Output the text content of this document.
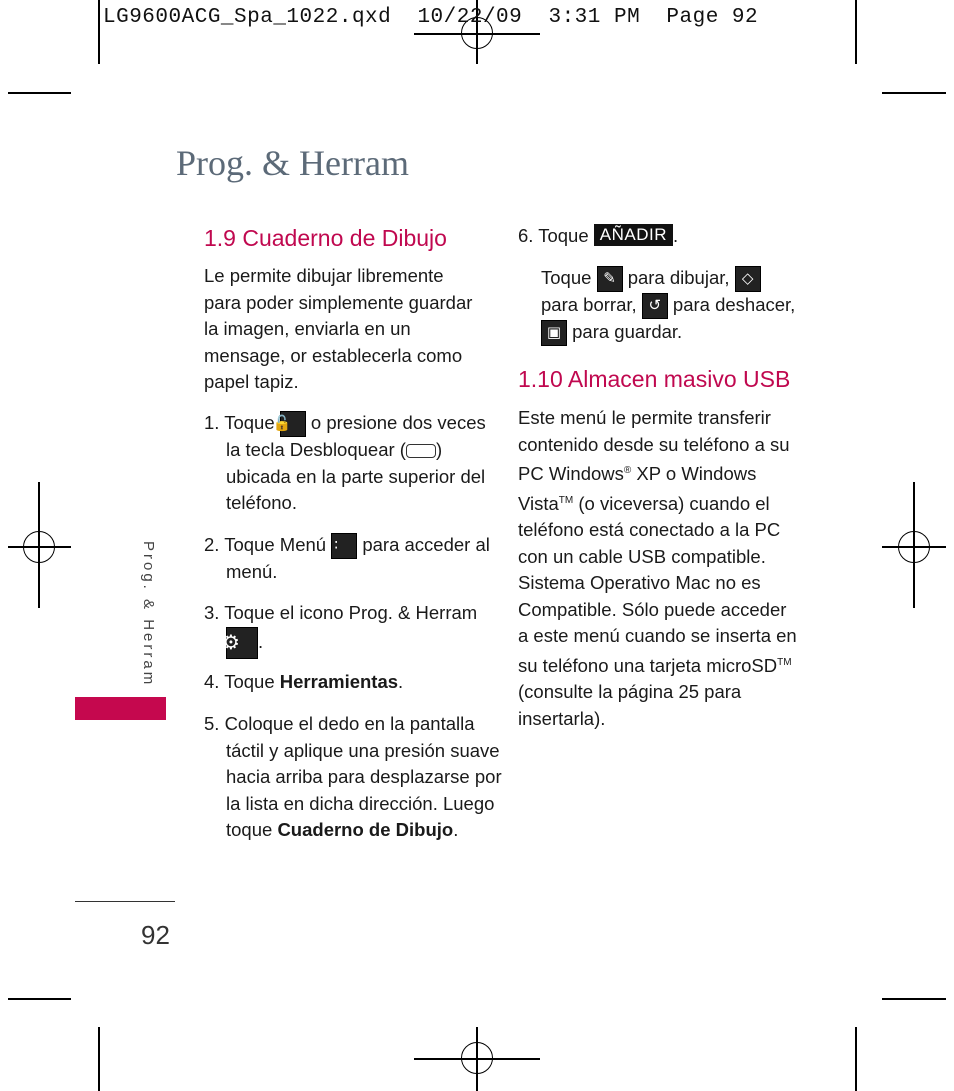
LG9600ACG_Spa_1022.qxd  10/22/09  3:31 PM  Page 92
Prog. & Herram
1.9 Cuaderno de Dibujo

Le permite dibujar libremente para poder simplemente guardar la imagen, enviarla en un mensage, or establecerla como papel tapiz.

1. Toque 🔓 o presione dos veces la tecla Desbloquear ( ) ubicada en la parte superior del teléfono.

2. Toque Menú ∷ para acceder al menú.

3. Toque el icono Prog. & Herram
⚙ .

4. Toque Herramientas.

5. Coloque el dedo en la pantalla táctil y aplique una presión suave hacia arriba para desplazarse por la lista en dicha dirección. Luego toque Cuaderno de Dibujo.

6. Toque AÑADIR .

Toque ✎ para dibujar, ◇ para borrar, ↺ para deshacer, ▣ para guardar.

1.10 Almacen masivo USB

Este menú le permite transferir contenido desde su teléfono a su PC Windows® XP o Windows Vista™ (o viceversa) cuando el teléfono está conectado a la PC con un cable USB compatible. Sistema Operativo Mac no es Compatible. Sólo puede acceder a este menú cuando se inserta en su teléfono una tarjeta microSD™ (consulte la página 25 para insertarla).

Prog. & Herram
92
